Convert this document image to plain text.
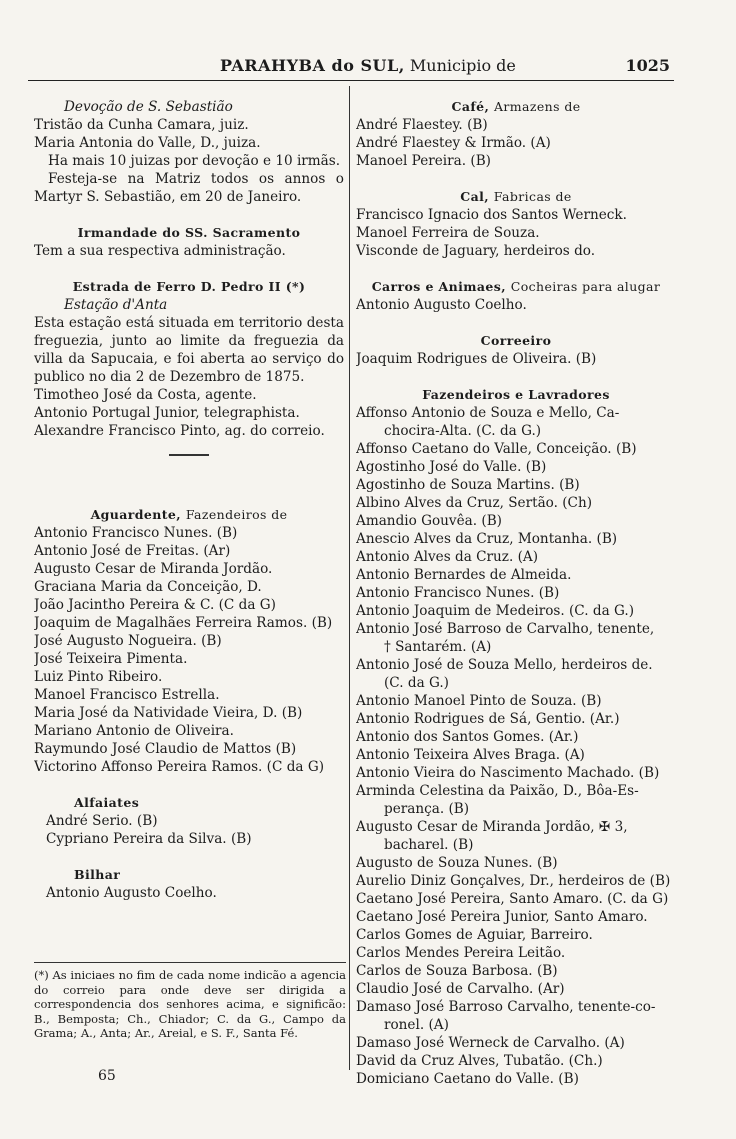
PARAHYBA do SUL, Municipio de	1025
Devoção de S. Sebastião
Tristão da Cunha Camara, juiz.
Maria Antonia do Valle, D., juiza.
Ha mais 10 juizas por devoção e 10 irmãs.
Festeja-se na Matriz todos os annos o Martyr S. Sebastião, em 20 de Janeiro.
Irmandade do SS. Sacramento
Tem a sua respectiva administração.
Estrada de Ferro D. Pedro II (*)
Estação d'Anta
Esta estação está situada em territorio desta freguezia, junto ao limite da freguezia da villa da Sapucaia, e foi aberta ao serviço do publico no dia 2 de Dezembro de 1875.
Timotheo José da Costa, agente.
Antonio Portugal Junior, telegraphista.
Alexandre Francisco Pinto, ag. do correio.
Aguardente, Fazendeiros de
Antonio Francisco Nunes. (B)
Antonio José de Freitas. (Ar)
Augusto Cesar de Miranda Jordão.
Graciana Maria da Conceição, D.
João Jacintho Pereira & C. (C da G)
Joaquim de Magalhães Ferreira Ramos. (B)
José Augusto Nogueira. (B)
José Teixeira Pimenta.
Luiz Pinto Ribeiro.
Manoel Francisco Estrella.
Maria José da Natividade Vieira, D. (B)
Mariano Antonio de Oliveira.
Raymundo José Claudio de Mattos (B)
Victorino Affonso Pereira Ramos. (C da G)
Alfaiates
André Serio. (B)
Cypriano Pereira da Silva. (B)
Bilhar
Antonio Augusto Coelho.
(*) As iniciaes no fim de cada nome indicão a agencia do correio para onde deve ser dirigida a correspondencia dos senhores acima, e significão: B., Bemposta; Ch., Chiador; C. da G., Campo da Grama; A., Anta; Ar., Areial, e S. F., Santa Fé.
65
Café, Armazens de
André Flaestey. (B)
André Flaestey & Irmão. (A)
Manoel Pereira. (B)
Cal, Fabricas de
Francisco Ignacio dos Santos Werneck.
Manoel Ferreira de Souza.
Visconde de Jaguary, herdeiros do.
Carros e Animaes, Cocheiras para alugar
Antonio Augusto Coelho.
Correeiro
Joaquim Rodrigues de Oliveira. (B)
Fazendeiros e Lavradores
Affonso Antonio de Souza e Mello, Ca-
chocira-Alta. (C. da G.)
Affonso Caetano do Valle, Conceição. (B)
Agostinho José do Valle. (B)
Agostinho de Souza Martins. (B)
Albino Alves da Cruz, Sertão. (Ch)
Amandio Gouvêa. (B)
Anescio Alves da Cruz, Montanha. (B)
Antonio Alves da Cruz. (A)
Antonio Bernardes de Almeida.
Antonio Francisco Nunes. (B)
Antonio Joaquim de Medeiros. (C. da G.)
Antonio José Barroso de Carvalho, tenente,
† Santarém. (A)
Antonio José de Souza Mello, herdeiros de.
(C. da G.)
Antonio Manoel Pinto de Souza. (B)
Antonio Rodrigues de Sá, Gentio. (Ar.)
Antonio dos Santos Gomes. (Ar.)
Antonio Teixeira Alves Braga. (A)
Antonio Vieira do Nascimento Machado. (B)
Arminda Celestina da Paixão, D., Bôa-Es-
perança. (B)
Augusto Cesar de Miranda Jordão, ✠ 3,
bacharel. (B)
Augusto de Souza Nunes. (B)
Aurelio Diniz Gonçalves, Dr., herdeiros de (B)
Caetano José Pereira, Santo Amaro. (C. da G)
Caetano José Pereira Junior, Santo Amaro.
Carlos Gomes de Aguiar, Barreiro.
Carlos Mendes Pereira Leitão.
Carlos de Souza Barbosa. (B)
Claudio José de Carvalho. (Ar)
Damaso José Barroso Carvalho, tenente-co-
ronel. (A)
Damaso José Werneck de Carvalho. (A)
David da Cruz Alves, Tubatão. (Ch.)
Domiciano Caetano do Valle. (B)
